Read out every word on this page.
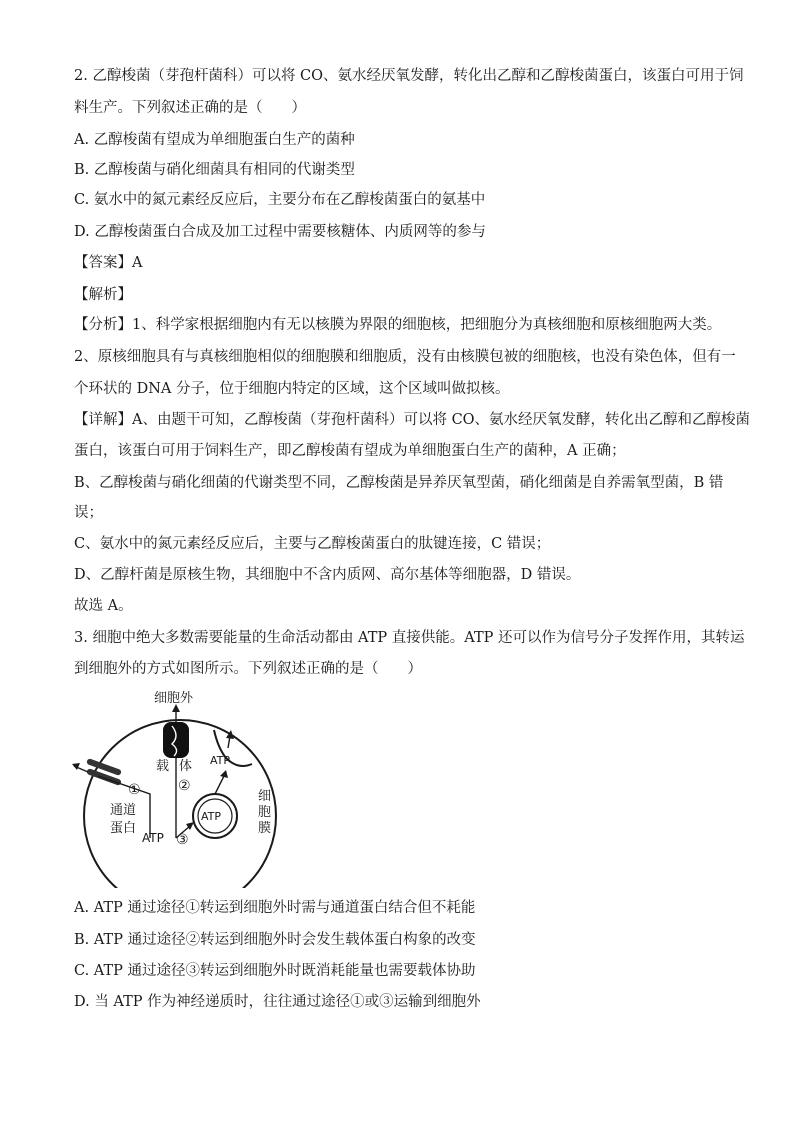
2. 乙醇梭菌（芽孢杆菌科）可以将 CO、氨水经厌氧发酵，转化出乙醇和乙醇梭菌蛋白，该蛋白可用于饲
料生产。下列叙述正确的是（　　）
A. 乙醇梭菌有望成为单细胞蛋白生产的菌种
B. 乙醇梭菌与硝化细菌具有相同的代谢类型
C. 氨水中的氮元素经反应后，主要分布在乙醇梭菌蛋白的氨基中
D. 乙醇梭菌蛋白合成及加工过程中需要核糖体、内质网等的参与
【答案】A
【解析】
【分析】1、科学家根据细胞内有无以核膜为界限的细胞核，把细胞分为真核细胞和原核细胞两大类。
2、原核细胞具有与真核细胞相似的细胞膜和细胞质，没有由核膜包被的细胞核，也没有染色体，但有一
个环状的 DNA 分子，位于细胞内特定的区域，这个区域叫做拟核。
【详解】A、由题干可知，乙醇梭菌（芽孢杆菌科）可以将 CO、氨水经厌氧发酵，转化出乙醇和乙醇梭菌
蛋白，该蛋白可用于饲料生产，即乙醇梭菌有望成为单细胞蛋白生产的菌种，A 正确；
B、乙醇梭菌与硝化细菌的代谢类型不同，乙醇梭菌是异养厌氧型菌，硝化细菌是自养需氧型菌，B 错
误；
C、氨水中的氮元素经反应后，主要与乙醇梭菌蛋白的肽键连接，C 错误；
D、乙醇杆菌是原核生物，其细胞中不含内质网、高尔基体等细胞器，D 错误。
故选 A。
3. 细胞中绝大多数需要能量的生命活动都由 ATP 直接供能。ATP 还可以作为信号分子发挥作用，其转运
到细胞外的方式如图所示。下列叙述正确的是（　　）
细胞外
载 体
②
①
通道
蛋白
ATP ③
ATP
ATP
细
胞
膜
A. ATP 通过途径①转运到细胞外时需与通道蛋白结合但不耗能
B. ATP 通过途径②转运到细胞外时会发生载体蛋白构象的改变
C. ATP 通过途径③转运到细胞外时既消耗能量也需要载体协助
D. 当 ATP 作为神经递质时，往往通过途径①或③运输到细胞外
